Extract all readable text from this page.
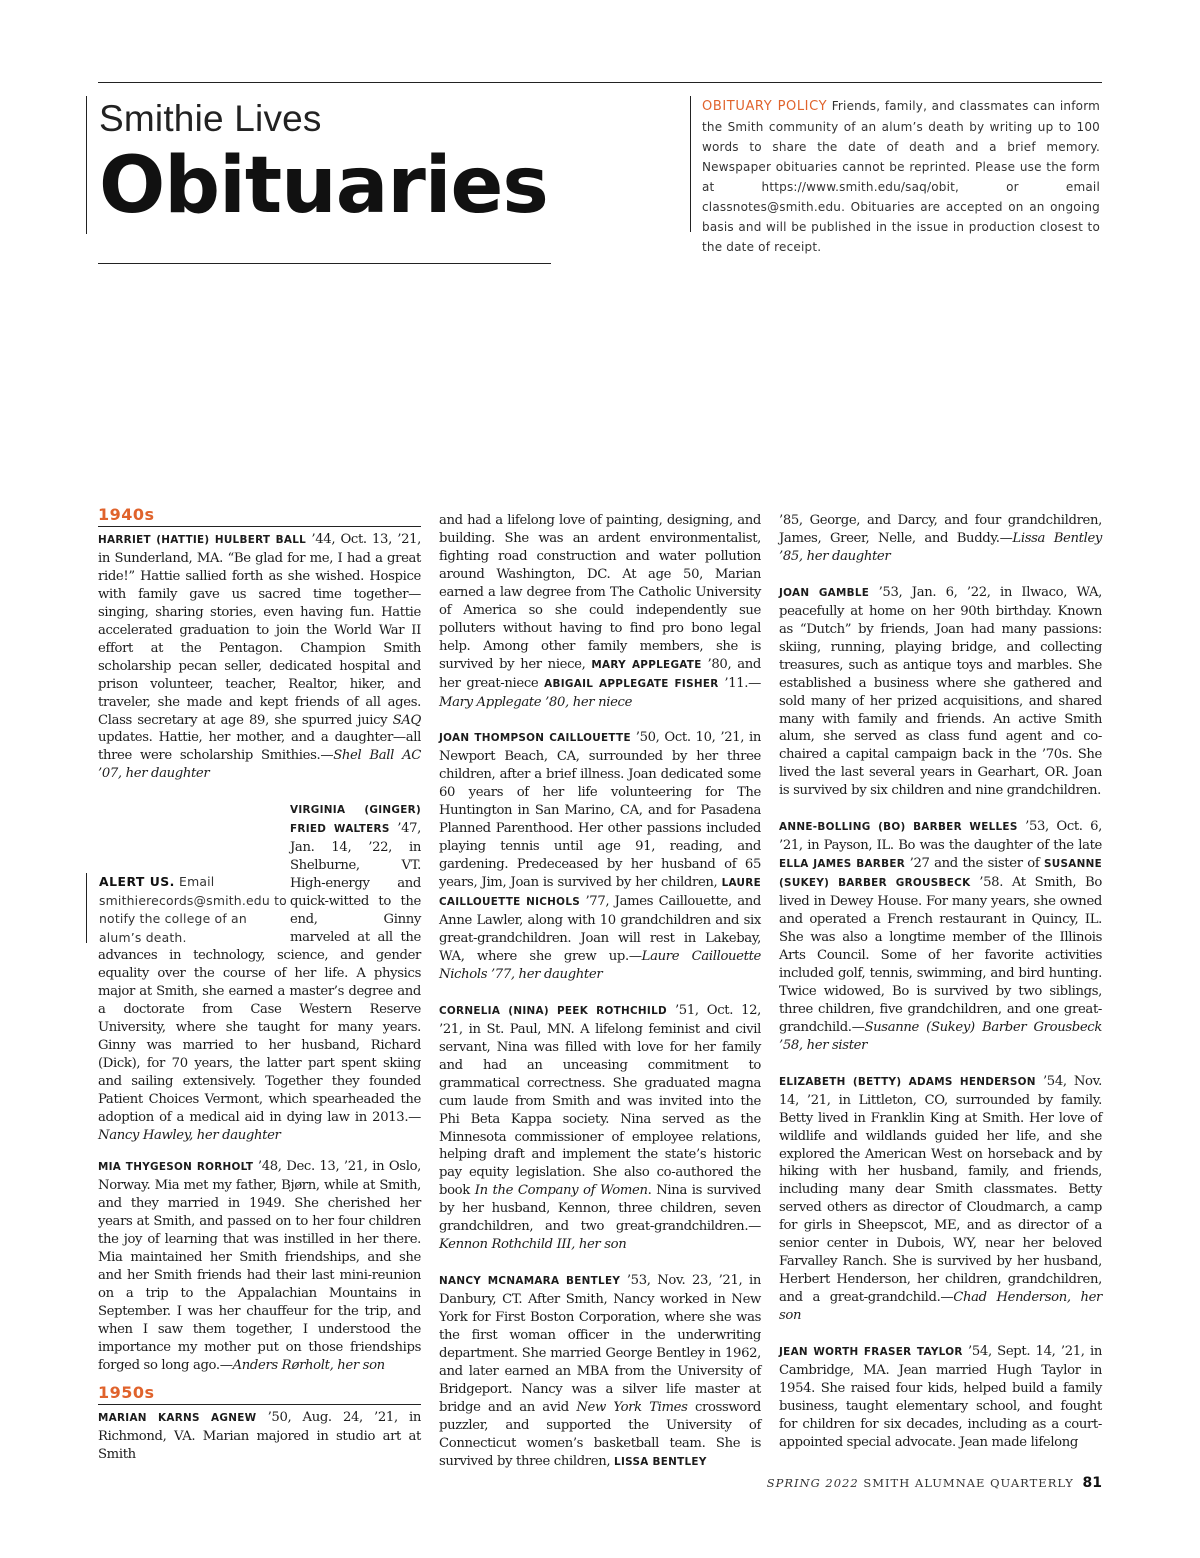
Smithie Lives

Obituaries

OBITUARY POLICY Friends, family, and classmates can inform the Smith community of an alum’s death by writing up to 100 words to share the date of death and a brief memory. Newspaper obituaries cannot be reprinted. Please use the form at https://www.smith.edu/saq/obit, or email classnotes@smith.edu. Obituaries are accepted on an ongoing basis and will be published in the issue in production closest to the date of receipt.
1940s

HARRIET (HATTIE) HULBERT BALL ’44, Oct. 13, ’21, in Sunderland, MA. “Be glad for me, I had a great ride!” Hattie sallied forth as she wished. Hospice with family gave us sacred time together—singing, sharing stories, even having fun. Hattie accelerated graduation to join the World War II effort at the Pentagon. Champion Smith scholarship pecan seller, dedicated hospital and prison volunteer, teacher, Realtor, hiker, and traveler, she made and kept friends of all ages. Class secretary at age 89, she spurred juicy SAQ updates. Hattie, her mother, and a daughter—all three were scholarship Smithies.—Shel Ball AC ’07, her daughter

VIRGINIA (GINGER) FRIED WALTERS ’47, Jan. 14, ’22, in Shelburne, VT. High-energy and quick-witted to the end, Ginny marveled at all the advances in technology, science, and gender equality over the course of her life. A physics major at Smith, she earned a master’s degree and a doctorate from Case Western Reserve University, where she taught for many years. Ginny was married to her husband, Richard (Dick), for 70 years, the latter part spent skiing and sailing extensively. Together they founded Patient Choices Vermont, which spearheaded the adoption of a medical aid in dying law in 2013.—Nancy Hawley, her daughter

MIA THYGESON RORHOLT ’48, Dec. 13, ’21, in Oslo, Norway. Mia met my father, Bjørn, while at Smith, and they married in 1949. She cherished her years at Smith, and passed on to her four children the joy of learning that was instilled in her there. Mia maintained her Smith friendships, and she and her Smith friends had their last mini-reunion on a trip to the Appalachian Mountains in September. I was her chauffeur for the trip, and when I saw them together, I understood the importance my mother put on those friendships forged so long ago.—Anders Rørholt, her son

1950s

MARIAN KARNS AGNEW ’50, Aug. 24, ’21, in Richmond, VA. Marian majored in studio art at Smith

and had a lifelong love of painting, designing, and building. She was an ardent environmentalist, fighting road construction and water pollution around Washington, DC. At age 50, Marian earned a law degree from The Catholic University of America so she could independently sue polluters without having to find pro bono legal help. Among other family members, she is survived by her niece, MARY APPLEGATE ’80, and her great-niece ABIGAIL APPLEGATE FISHER ’11.—Mary Applegate ’80, her niece

JOAN THOMPSON CAILLOUETTE ’50, Oct. 10, ’21, in Newport Beach, CA, surrounded by her three children, after a brief illness. Joan dedicated some 60 years of her life volunteering for The Huntington in San Marino, CA, and for Pasadena Planned Parenthood. Her other passions included playing tennis until age 91, reading, and gardening. Predeceased by her husband of 65 years, Jim, Joan is survived by her children, LAURE CAILLOUETTE NICHOLS ’77, James Caillouette, and Anne Lawler, along with 10 grandchildren and six great-grandchildren. Joan will rest in Lakebay, WA, where she grew up.—Laure Caillouette Nichols ’77, her daughter

CORNELIA (NINA) PEEK ROTHCHILD ’51, Oct. 12, ’21, in St. Paul, MN. A lifelong feminist and civil servant, Nina was filled with love for her family and had an unceasing commitment to grammatical correctness. She graduated magna cum laude from Smith and was invited into the Phi Beta Kappa society. Nina served as the Minnesota commissioner of employee relations, helping draft and implement the state’s historic pay equity legislation. She also co-authored the book In the Company of Women. Nina is survived by her husband, Kennon, three children, seven grandchildren, and two great-grandchildren.—Kennon Rothchild III, her son

NANCY MCNAMARA BENTLEY ’53, Nov. 23, ’21, in Danbury, CT. After Smith, Nancy worked in New York for First Boston Corporation, where she was the first woman officer in the underwriting department. She married George Bentley in 1962, and later earned an MBA from the University of Bridgeport. Nancy was a silver life master at bridge and an avid New York Times crossword puzzler, and supported the University of Connecticut women’s basketball team. She is survived by three children, LISSA BENTLEY

’85, George, and Darcy, and four grandchildren, James, Greer, Nelle, and Buddy.—Lissa Bentley ’85, her daughter

JOAN GAMBLE ’53, Jan. 6, ’22, in Ilwaco, WA, peacefully at home on her 90th birthday. Known as “Dutch” by friends, Joan had many passions: skiing, running, playing bridge, and collecting treasures, such as antique toys and marbles. She established a business where she gathered and sold many of her prized acquisitions, and shared many with family and friends. An active Smith alum, she served as class fund agent and co-chaired a capital campaign back in the ’70s. She lived the last several years in Gearhart, OR. Joan is survived by six children and nine grandchildren.

ANNE-BOLLING (BO) BARBER WELLES ’53, Oct. 6, ’21, in Payson, IL. Bo was the daughter of the late ELLA JAMES BARBER ’27 and the sister of SUSANNE (SUKEY) BARBER GROUSBECK ’58. At Smith, Bo lived in Dewey House. For many years, she owned and operated a French restaurant in Quincy, IL. She was also a longtime member of the Illinois Arts Council. Some of her favorite activities included golf, tennis, swimming, and bird hunting. Twice widowed, Bo is survived by two siblings, three children, five grandchildren, and one great-grandchild.—Susanne (Sukey) Barber Grousbeck ’58, her sister

ELIZABETH (BETTY) ADAMS HENDERSON ’54, Nov. 14, ’21, in Littleton, CO, surrounded by family. Betty lived in Franklin King at Smith. Her love of wildlife and wildlands guided her life, and she explored the American West on horseback and by hiking with her husband, family, and friends, including many dear Smith classmates. Betty served others as director of Cloudmarch, a camp for girls in Sheepscot, ME, and as director of a senior center in Dubois, WY, near her beloved Farvalley Ranch. She is survived by her husband, Herbert Henderson, her children, grandchildren, and a great-grandchild.—Chad Henderson, her son

JEAN WORTH FRASER TAYLOR ’54, Sept. 14, ’21, in Cambridge, MA. Jean married Hugh Taylor in 1954. She raised four kids, helped build a family business, taught elementary school, and fought for children for six decades, including as a court-appointed special advocate. Jean made lifelong

ALERT US. Email smithierecords@smith.edu to notify the college of an alum’s death.
SPRING 2022 SMITH ALUMNAE QUARTERLY 81
